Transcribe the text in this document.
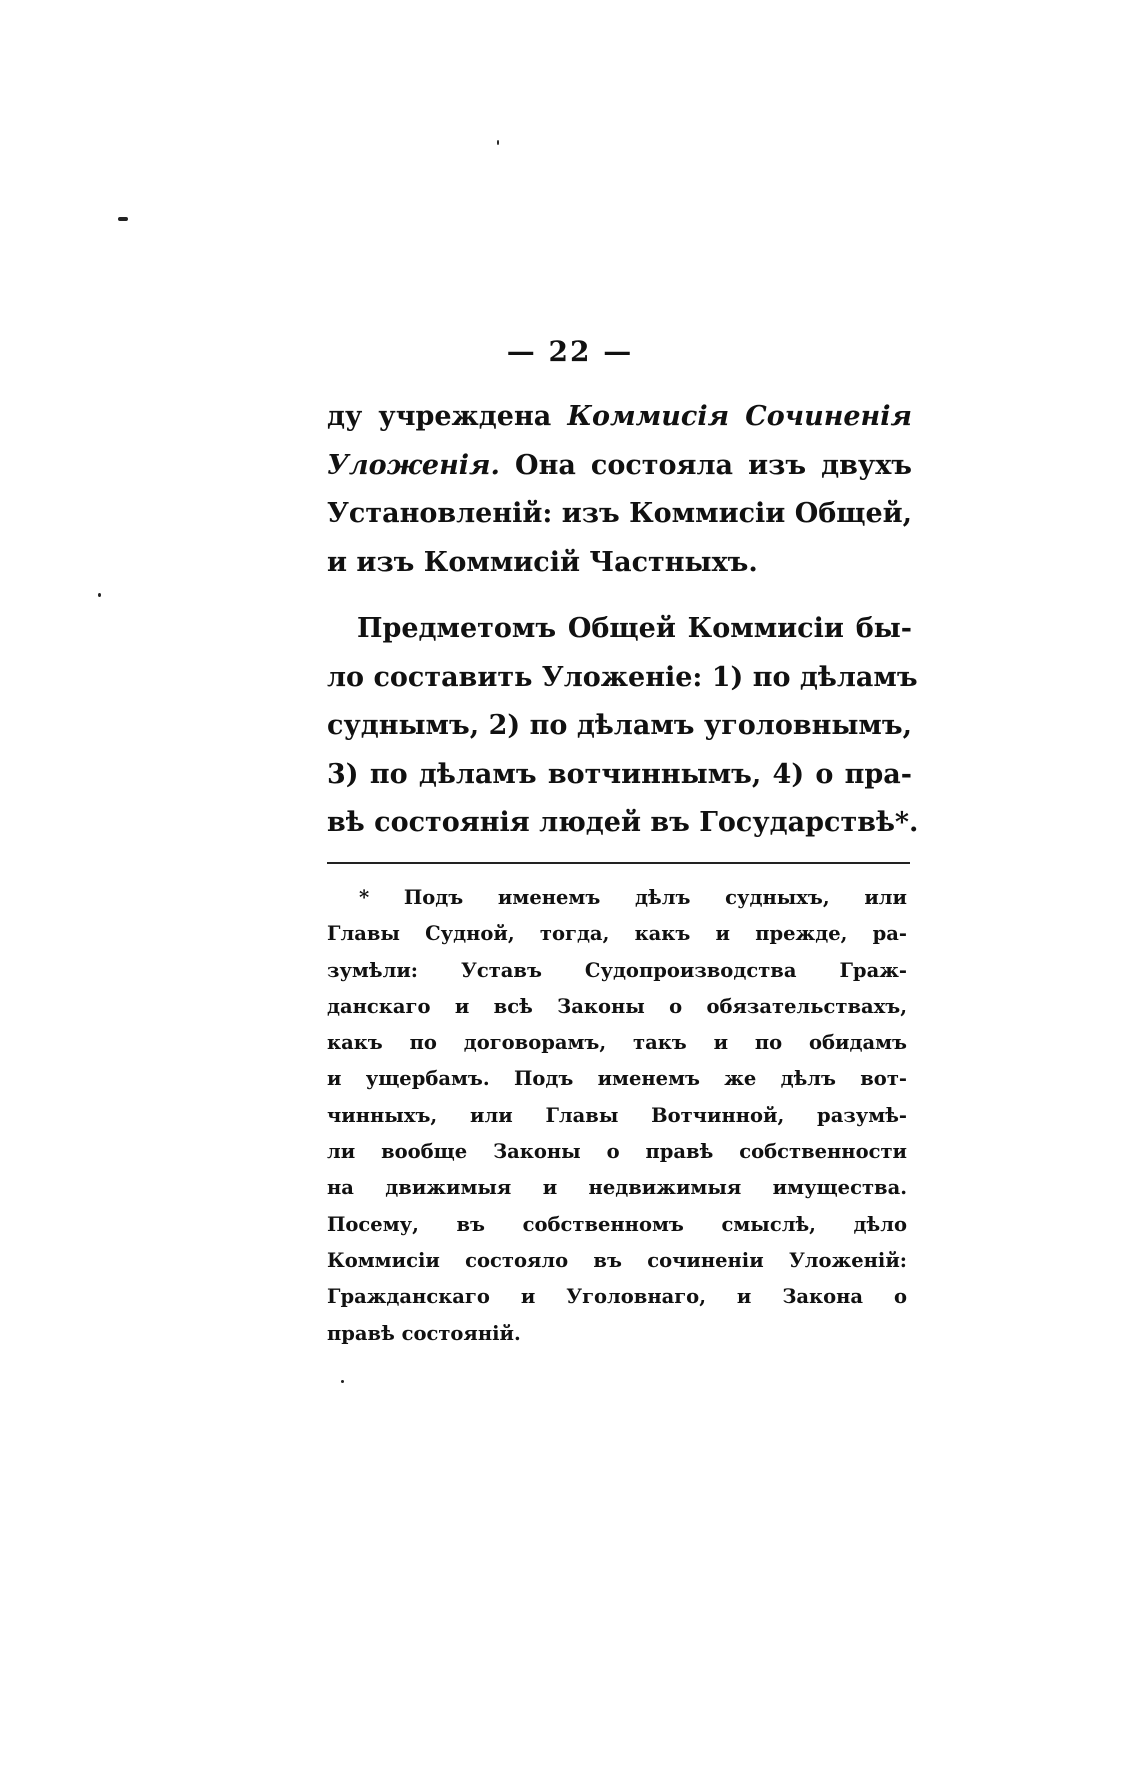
— 22 —
ду учреждена Коммисія Сочиненія
Уложенія. Она состояла изъ двухъ
Установленій: изъ Коммисіи Общей,
и изъ Коммисій Частныхъ.
Предметомъ Общей Коммисіи бы-
ло составить Уложеніе: 1) по дѣламъ
суднымъ, 2) по дѣламъ уголовнымъ,
3) по дѣламъ вотчиннымъ, 4) о пра-
вѣ состоянія людей въ Государствѣ*.
* Подъ именемъ дѣлъ судныхъ, или
Главы Судной, тогда, какъ и прежде, ра-
зумѣли: Уставъ Судопроизводства Граж-
данскаго и всѣ Законы о обязательствахъ,
какъ по договорамъ, такъ и по обидамъ
и ущербамъ. Подъ именемъ же дѣлъ вот-
чинныхъ, или Главы Вотчинной, разумѣ-
ли вообще Законы о правѣ собственности
на движимыя и недвижимыя имущества.
Посему, въ собственномъ смыслѣ, дѣло
Коммисіи состояло въ сочиненіи Уложеній:
Гражданскаго и Уголовнаго, и Закона о
правѣ состояній.
